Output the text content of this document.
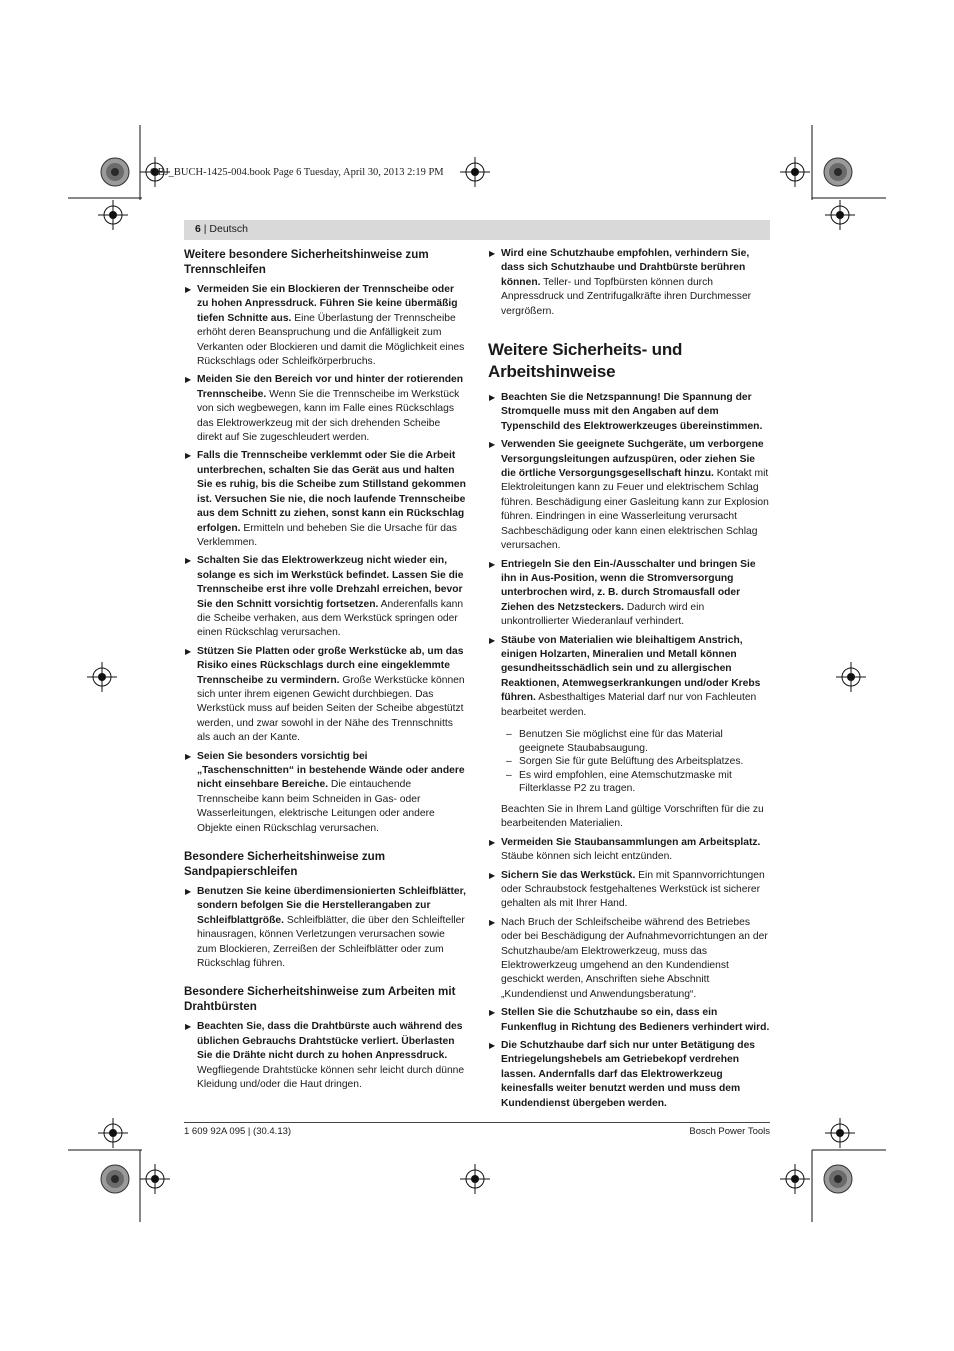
OBJ_BUCH-1425-004.book Page 6 Tuesday, April 30, 2013 2:19 PM
6 | Deutsch
Weitere besondere Sicherheitshinweise zum Trennschleifen
▶ Vermeiden Sie ein Blockieren der Trennscheibe oder zu hohen Anpressdruck. Führen Sie keine übermäßig tiefen Schnitte aus. Eine Überlastung der Trennscheibe erhöht deren Beanspruchung und die Anfälligkeit zum Verkanten oder Blockieren und damit die Möglichkeit eines Rückschlags oder Schleifkörperbruchs.
▶ Meiden Sie den Bereich vor und hinter der rotierenden Trennscheibe. Wenn Sie die Trennscheibe im Werkstück von sich wegbewegen, kann im Falle eines Rückschlags das Elektrowerkzeug mit der sich drehenden Scheibe direkt auf Sie zugeschleudert werden.
▶ Falls die Trennscheibe verklemmt oder Sie die Arbeit unterbrechen, schalten Sie das Gerät aus und halten Sie es ruhig, bis die Scheibe zum Stillstand gekommen ist. Versuchen Sie nie, die noch laufende Trennscheibe aus dem Schnitt zu ziehen, sonst kann ein Rückschlag erfolgen. Ermitteln und beheben Sie die Ursache für das Verklemmen.
▶ Schalten Sie das Elektrowerkzeug nicht wieder ein, solange es sich im Werkstück befindet. Lassen Sie die Trennscheibe erst ihre volle Drehzahl erreichen, bevor Sie den Schnitt vorsichtig fortsetzen. Anderenfalls kann die Scheibe verhaken, aus dem Werkstück springen oder einen Rückschlag verursachen.
▶ Stützen Sie Platten oder große Werkstücke ab, um das Risiko eines Rückschlags durch eine eingeklemmte Trennscheibe zu vermindern. Große Werkstücke können sich unter ihrem eigenen Gewicht durchbiegen. Das Werkstück muss auf beiden Seiten der Scheibe abgestützt werden, und zwar sowohl in der Nähe des Trennschnitts als auch an der Kante.
▶ Seien Sie besonders vorsichtig bei „Taschenschnitten“ in bestehende Wände oder andere nicht einsehbare Bereiche. Die eintauchende Trennscheibe kann beim Schneiden in Gas- oder Wasserleitungen, elektrische Leitungen oder andere Objekte einen Rückschlag verursachen.
Besondere Sicherheitshinweise zum Sandpapierschleifen
▶ Benutzen Sie keine überdimensionierten Schleifblätter, sondern befolgen Sie die Herstellerangaben zur Schleifblattgröße. Schleifblätter, die über den Schleifteller hinausragen, können Verletzungen verursachen sowie zum Blockieren, Zerreißen der Schleifblätter oder zum Rückschlag führen.
Besondere Sicherheitshinweise zum Arbeiten mit Drahtbürsten
▶ Beachten Sie, dass die Drahtbürste auch während des üblichen Gebrauchs Drahtstücke verliert. Überlasten Sie die Drähte nicht durch zu hohen Anpressdruck. Wegfliegende Drahtstücke können sehr leicht durch dünne Kleidung und/oder die Haut dringen.
▶ Wird eine Schutzhaube empfohlen, verhindern Sie, dass sich Schutzhaube und Drahtbürste berühren können. Teller- und Topfbürsten können durch Anpressdruck und Zentrifugalkräfte ihren Durchmesser vergrößern.
Weitere Sicherheits- und Arbeitshinweise
▶ Beachten Sie die Netzspannung! Die Spannung der Stromquelle muss mit den Angaben auf dem Typenschild des Elektrowerkzeuges übereinstimmen.
▶ Verwenden Sie geeignete Suchgeräte, um verborgene Versorgungsleitungen aufzuspüren, oder ziehen Sie die örtliche Versorgungsgesellschaft hinzu. Kontakt mit Elektroleitungen kann zu Feuer und elektrischem Schlag führen. Beschädigung einer Gasleitung kann zur Explosion führen. Eindringen in eine Wasserleitung verursacht Sachbeschädigung oder kann einen elektrischen Schlag verursachen.
▶ Entriegeln Sie den Ein-/Ausschalter und bringen Sie ihn in Aus-Position, wenn die Stromversorgung unterbrochen wird, z. B. durch Stromausfall oder Ziehen des Netzsteckers. Dadurch wird ein unkontrollierter Wiederanlauf verhindert.
▶ Stäube von Materialien wie bleihaltigem Anstrich, einigen Holzarten, Mineralien und Metall können gesundheitsschädlich sein und zu allergischen Reaktionen, Atemwegserkrankungen und/oder Krebs führen. Asbesthaltiges Material darf nur von Fachleuten bearbeitet werden.
– Benutzen Sie möglichst eine für das Material geeignete Staubabsaugung.
– Sorgen Sie für gute Belüftung des Arbeitsplatzes.
– Es wird empfohlen, eine Atemschutzmaske mit Filterklasse P2 zu tragen.
Beachten Sie in Ihrem Land gültige Vorschriften für die zu bearbeitenden Materialien.
▶ Vermeiden Sie Staubansammlungen am Arbeitsplatz. Stäube können sich leicht entzünden.
▶ Sichern Sie das Werkstück. Ein mit Spannvorrichtungen oder Schraubstock festgehaltenes Werkstück ist sicherer gehalten als mit Ihrer Hand.
▶ Nach Bruch der Schleifscheibe während des Betriebes oder bei Beschädigung der Aufnahmevorrichtungen an der Schutzhaube/am Elektrowerkzeug, muss das Elektrowerkzeug umgehend an den Kundendienst geschickt werden, Anschriften siehe Abschnitt „Kundendienst und Anwendungsberatung“.
▶ Stellen Sie die Schutzhaube so ein, dass ein Funkenflug in Richtung des Bedieners verhindert wird.
▶ Die Schutzhaube darf sich nur unter Betätigung des Entriegelungshebels am Getriebekopf verdrehen lassen. Andernfalls darf das Elektrowerkzeug keinesfalls weiter benutzt werden und muss dem Kundendienst übergeben werden.
1 609 92A 095 | (30.4.13)	Bosch Power Tools
